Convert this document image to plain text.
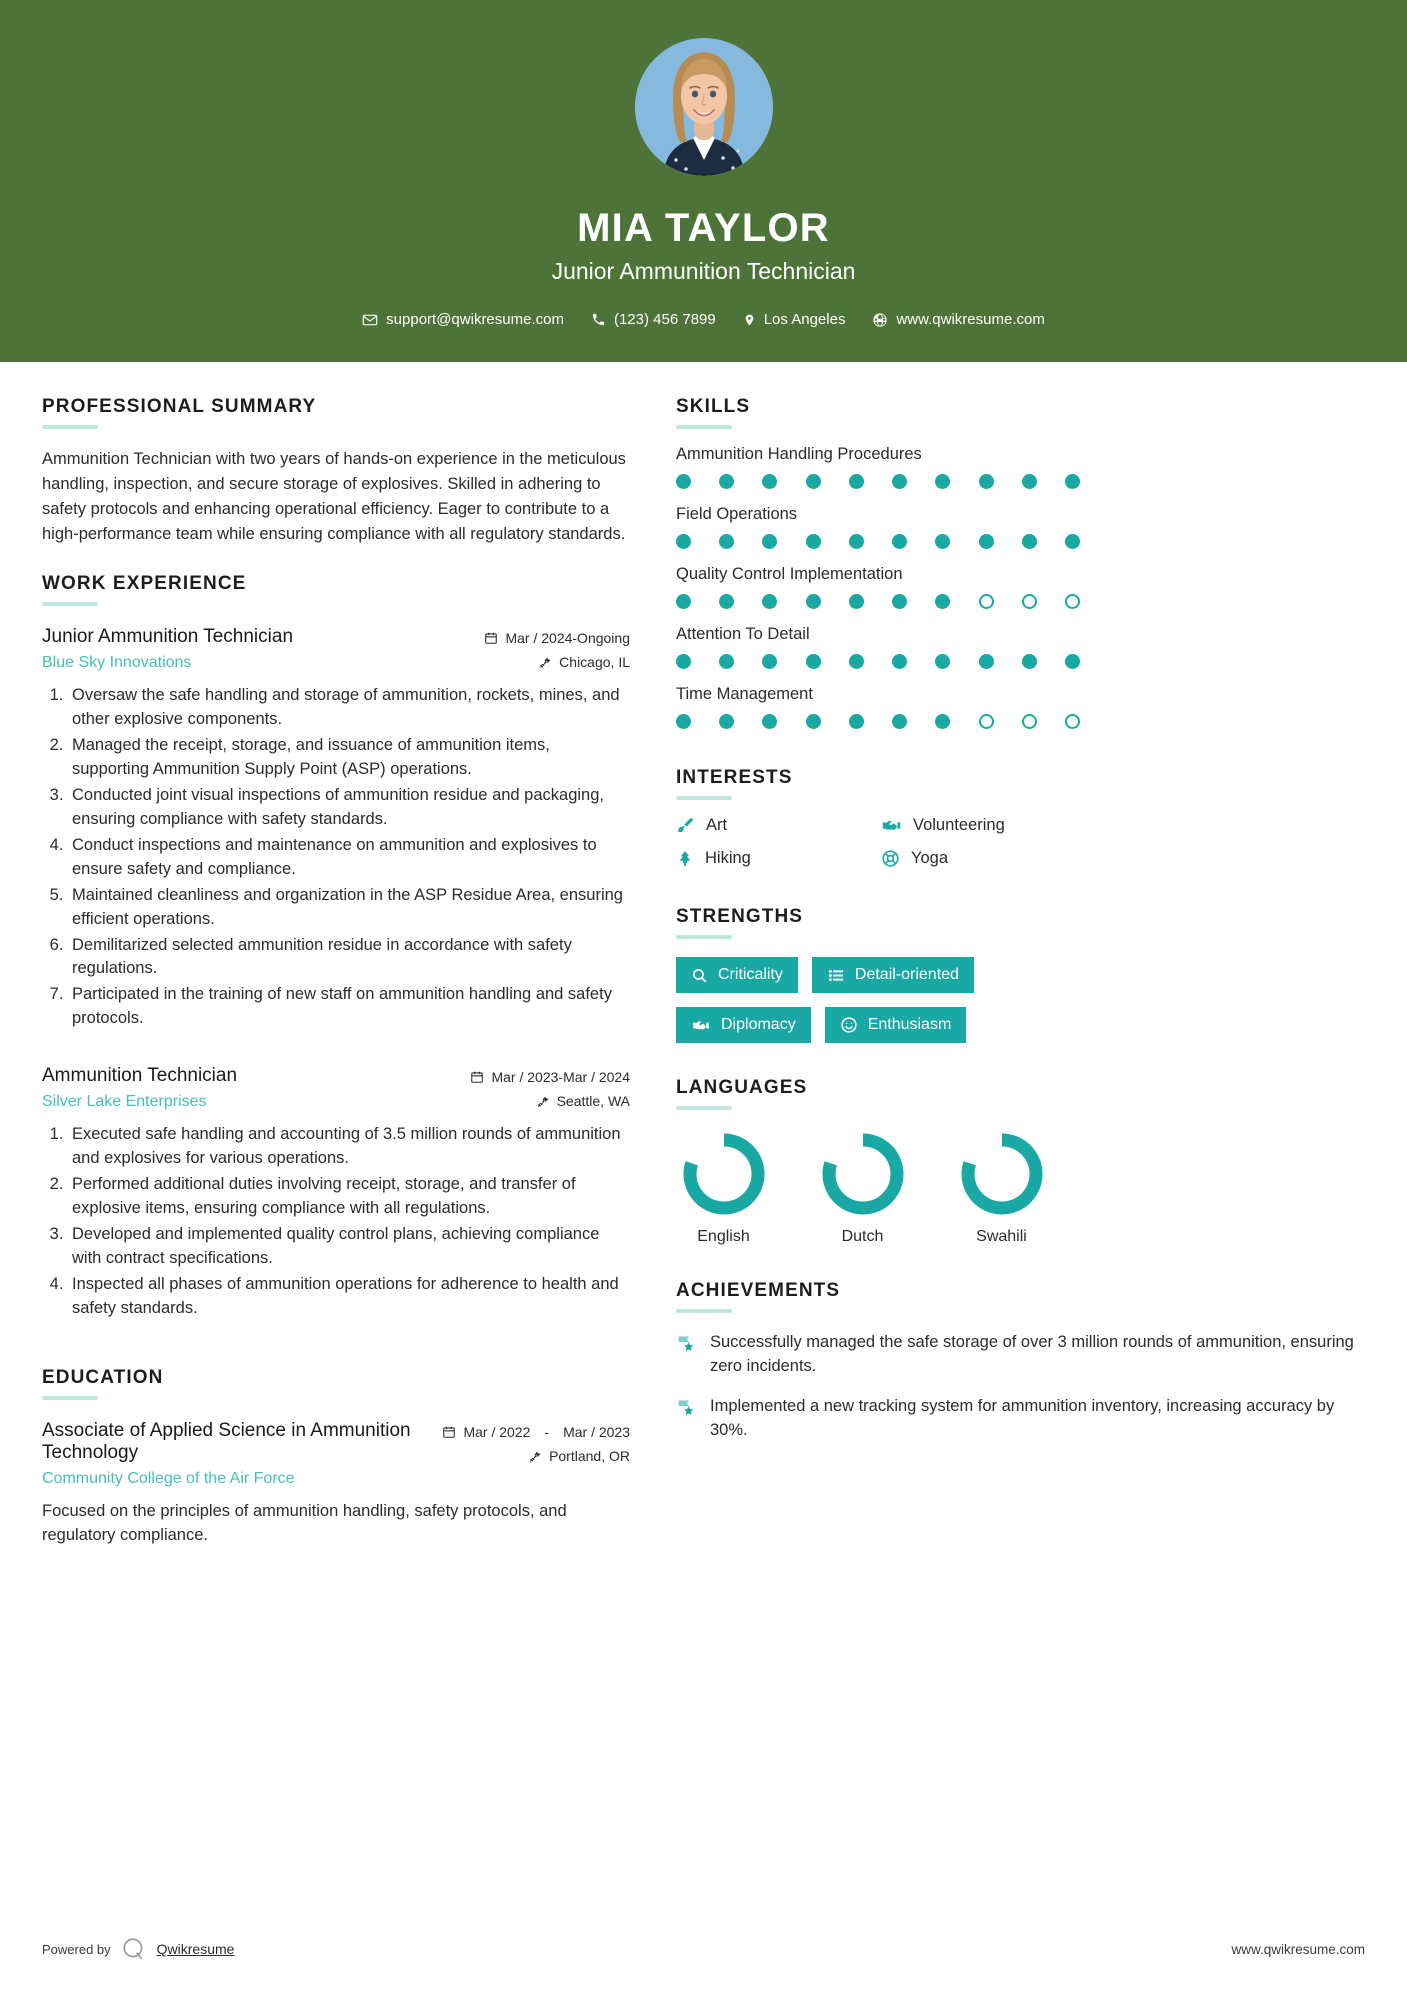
MIA TAYLOR
Junior Ammunition Technician
support@qwikresume.com	(123) 456 7899	Los Angeles	www.qwikresume.com
PROFESSIONAL SUMMARY

Ammunition Technician with two years of hands-on experience in the meticulous handling, inspection, and secure storage of explosives. Skilled in adhering to safety protocols and enhancing operational efficiency. Eager to contribute to a high-performance team while ensuring compliance with all regulatory standards.

WORK EXPERIENCE
Junior Ammunition Technician
Blue Sky Innovations
Mar / 2024-Ongoing
Chicago, IL
1. Oversaw the safe handling and storage of ammunition, rockets, mines, and other explosive components.
2. Managed the receipt, storage, and issuance of ammunition items, supporting Ammunition Supply Point (ASP) operations.
3. Conducted joint visual inspections of ammunition residue and packaging, ensuring compliance with safety standards.
4. Conduct inspections and maintenance on ammunition and explosives to ensure safety and compliance.
5. Maintained cleanliness and organization in the ASP Residue Area, ensuring efficient operations.
6. Demilitarized selected ammunition residue in accordance with safety regulations.
7. Participated in the training of new staff on ammunition handling and safety protocols.
Ammunition Technician
Silver Lake Enterprises
Mar / 2023-Mar / 2024
Seattle, WA
1. Executed safe handling and accounting of 3.5 million rounds of ammunition and explosives for various operations.
2. Performed additional duties involving receipt, storage, and transfer of explosive items, ensuring compliance with all regulations.
3. Developed and implemented quality control plans, achieving compliance with contract specifications.
4. Inspected all phases of ammunition operations for adherence to health and safety standards.
EDUCATION
Associate of Applied Science in Ammunition Technology
Community College of the Air Force
Mar / 2022 - Mar / 2023
Portland, OR

Focused on the principles of ammunition handling, safety protocols, and regulatory compliance.

SKILLS
Ammunition Handling Procedures
Field Operations
Quality Control Implementation
Attention To Detail
Time Management
INTERESTS
Art	Volunteering
Hiking	Yoga
STRENGTHS
Criticality	Detail-oriented
Diplomacy	Enthusiasm
LANGUAGES
English	Dutch	Swahili
ACHIEVEMENTS
Successfully managed the safe storage of over 3 million rounds of ammunition, ensuring zero incidents.
Implemented a new tracking system for ammunition inventory, increasing accuracy by 30%.
Powered by	Qwikresume	www.qwikresume.com
